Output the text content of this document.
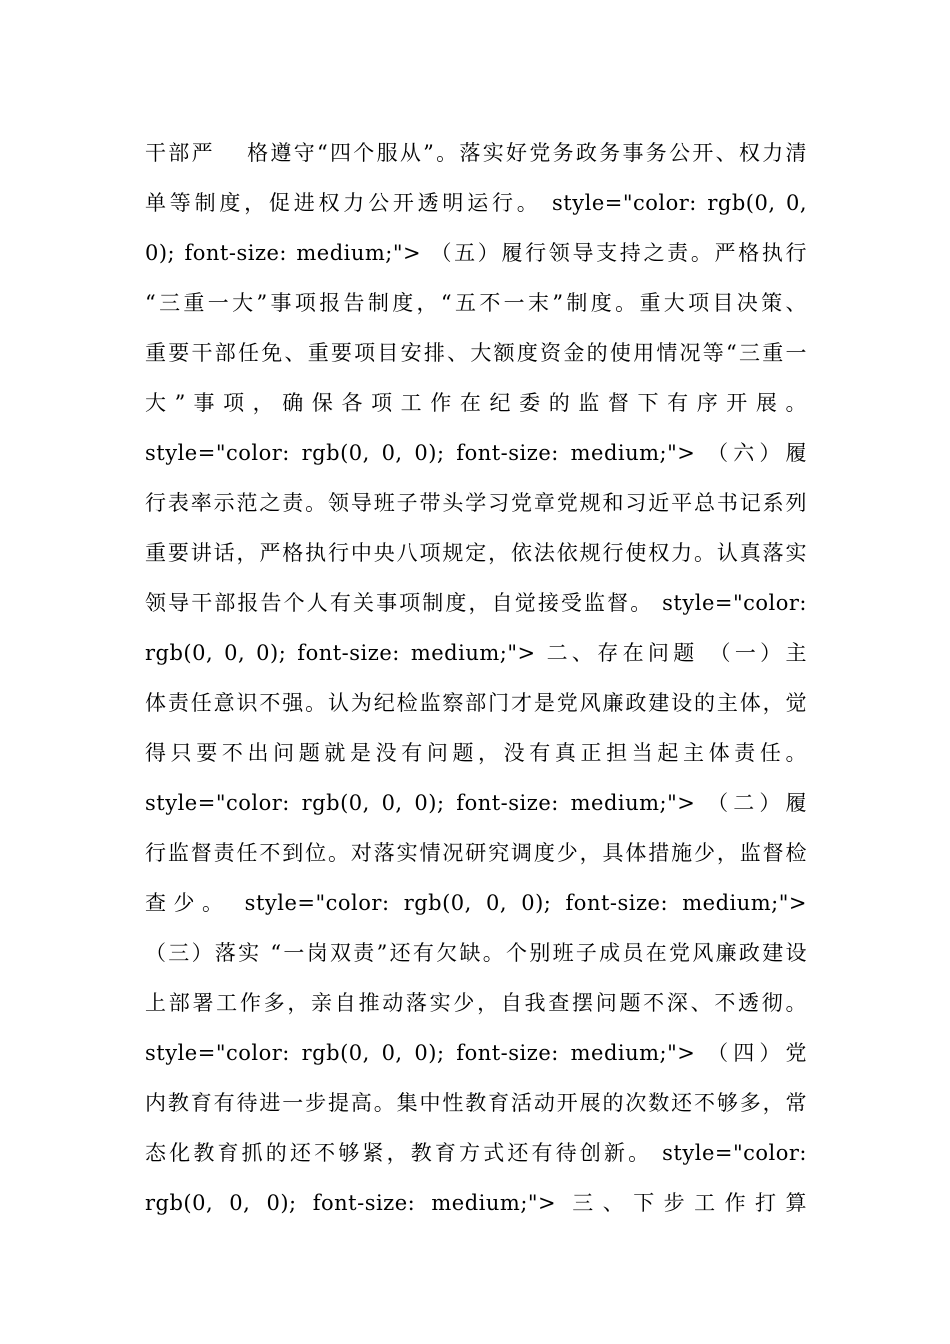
干部严　 格遵守“四个服从”。落实好党务政务事务公开、权力清
单等制度，促进权力公开透明运行。 style="color: rgb(0, 0,
0); font-size: medium;"> （五）履行领导支持之责。严格执行
“三重一大”事项报告制度，“五不一末”制度。重大项目决策、
重要干部任免、重要项目安排、大额度资金的使用情况等“三重一
大 ” 事 项 ， 确 保 各 项 工 作 在 纪 委 的 监 督 下 有 序 开 展 。
style="color: rgb(0, 0, 0); font-size: medium;"> （六）履
行表率示范之责。领导班子带头学习党章党规和习近平总书记系列
重要讲话，严格执行中央八项规定，依法依规行使权力。认真落实
领导干部报告个人有关事项制度，自觉接受监督。 style="color:
rgb(0, 0, 0); font-size: medium;"> 二、存在问题 （一）主
体责任意识不强。认为纪检监察部门才是党风廉政建设的主体，觉
得只要不出问题就是没有问题，没有真正担当起主体责任。
style="color: rgb(0, 0, 0); font-size: medium;"> （二）履
行监督责任不到位。对落实情况研究调度少，具体措施少，监督检
查少。 style="color: rgb(0, 0, 0); font-size: medium;">
（三）落实 “一岗双责”还有欠缺。个别班子成员在党风廉政建设
上部署工作多，亲自推动落实少，自我查摆问题不深、不透彻。
style="color: rgb(0, 0, 0); font-size: medium;"> （四）党
内教育有待进一步提高。集中性教育活动开展的次数还不够多，常
态化教育抓的还不够紧，教育方式还有待创新。 style="color:
rgb(0, 0, 0); font-size: medium;"> 三、下步工作打算
